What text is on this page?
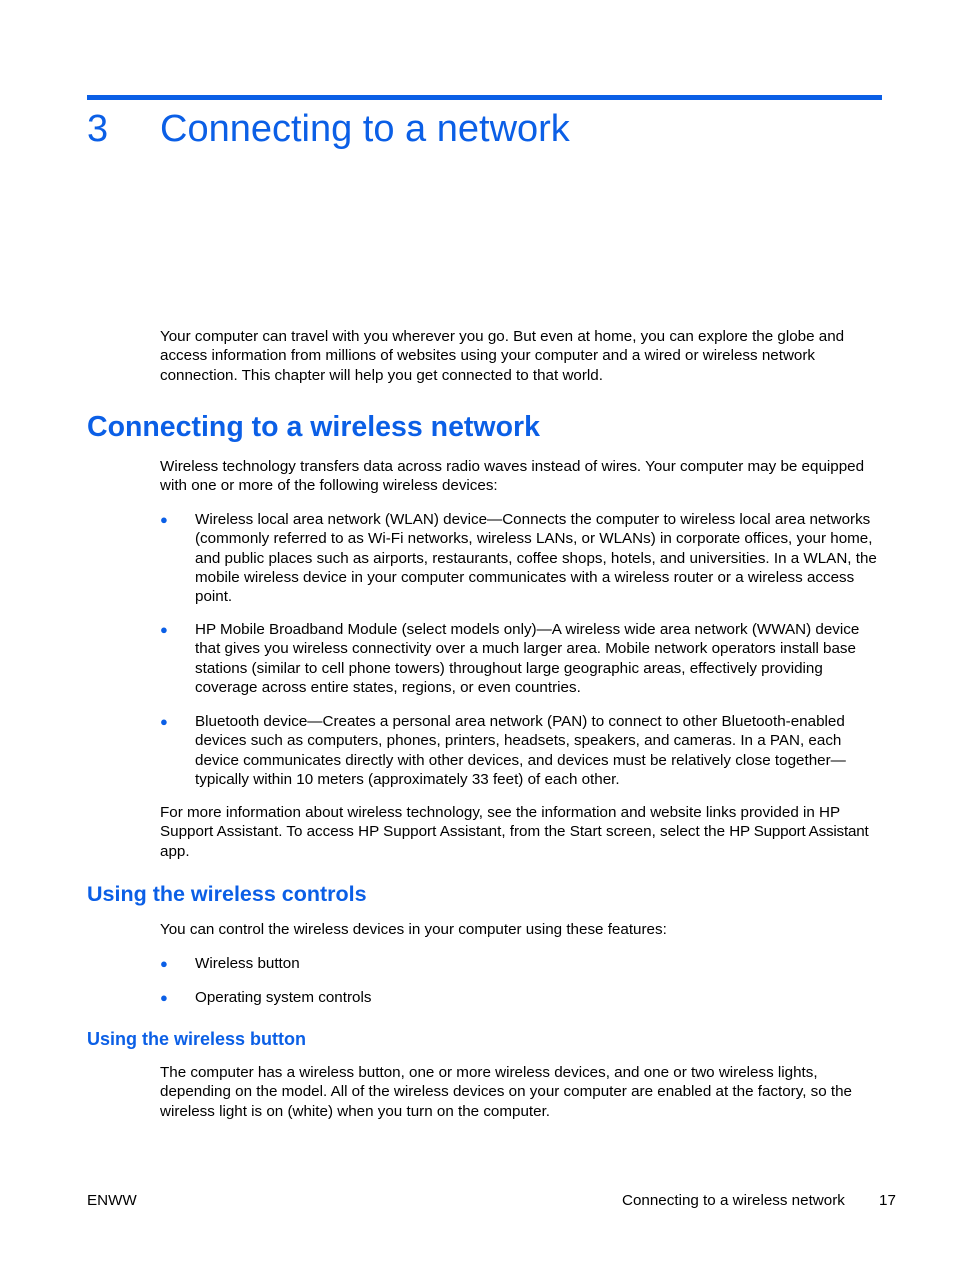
3 Connecting to a network

Your computer can travel with you wherever you go. But even at home, you can explore the globe and access information from millions of websites using your computer and a wired or wireless network connection. This chapter will help you get connected to that world.

Connecting to a wireless network

Wireless technology transfers data across radio waves instead of wires. Your computer may be equipped with one or more of the following wireless devices:

● Wireless local area network (WLAN) device—Connects the computer to wireless local area networks (commonly referred to as Wi-Fi networks, wireless LANs, or WLANs) in corporate offices, your home, and public places such as airports, restaurants, coffee shops, hotels, and universities. In a WLAN, the mobile wireless device in your computer communicates with a wireless router or a wireless access point.
● HP Mobile Broadband Module (select models only)—A wireless wide area network (WWAN) device that gives you wireless connectivity over a much larger area. Mobile network operators install base stations (similar to cell phone towers) throughout large geographic areas, effectively providing coverage across entire states, regions, or even countries.
● Bluetooth device—Creates a personal area network (PAN) to connect to other Bluetooth-enabled devices such as computers, phones, printers, headsets, speakers, and cameras. In a PAN, each device communicates directly with other devices, and devices must be relatively close together—typically within 10 meters (approximately 33 feet) of each other.

For more information about wireless technology, see the information and website links provided in HP Support Assistant. To access HP Support Assistant, from the Start screen, select the HP Support Assistant app.

Using the wireless controls

You can control the wireless devices in your computer using these features:

● Wireless button
● Operating system controls
Using the wireless button

The computer has a wireless button, one or more wireless devices, and one or two wireless lights, depending on the model. All of the wireless devices on your computer are enabled at the factory, so the wireless light is on (white) when you turn on the computer.

ENWW	Connecting to a wireless network 17
